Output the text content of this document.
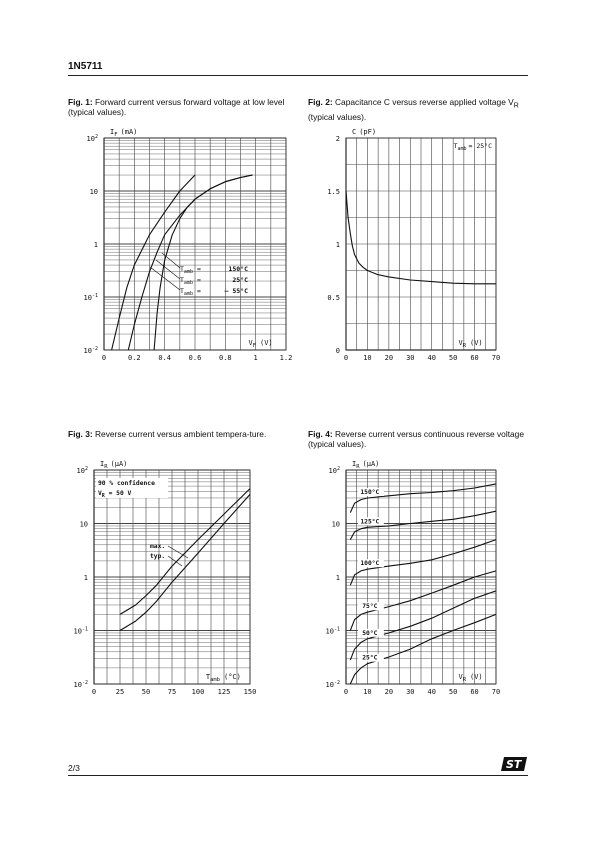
1N5711
Fig. 1: Forward current versus forward voltage at low level (typical values).
Fig. 2: Capacitance C versus reverse applied voltage $V_R$ (typical values).
Fig. 3: Reverse current versus ambient tempera-ture.	Fig. 4: Reverse current versus continuous reverse voltage (typical values).
0	0.2	0.4	0.6	0.8	1	1.2
$10^{-2}$
$10^{-1}$
1
10
$10^2$
$I_F$ (mA)
$V_F$ (V)
$T_{amb}$ =	150°C
$T_{amb}$ =	25°C
$T_{amb}$ =	– 55°C
0 10 20 30 40 50 60 70
0
0.5
1
1.5
2
C (pF)
$V_R$ (V)
$T_{amb} = 25^\circ C$
0	25	50	75 100 125 150
$10^{-2}$
$10^{-1}$
1
10
$10^2$
$I_R$ (µA)
$T_{amb}$ (°C)
90 % confidence
$V_R = 50$ V
max.
typ.
0 10 20 30 40 50 60 70
$10^{-2}$
$10^{-1}$
1
10
$10^2$
$I_R$ (µA)
$V_R$ (V)
150°C
125°C
100°C
75°C
50°C
25°C
2/3	ST
